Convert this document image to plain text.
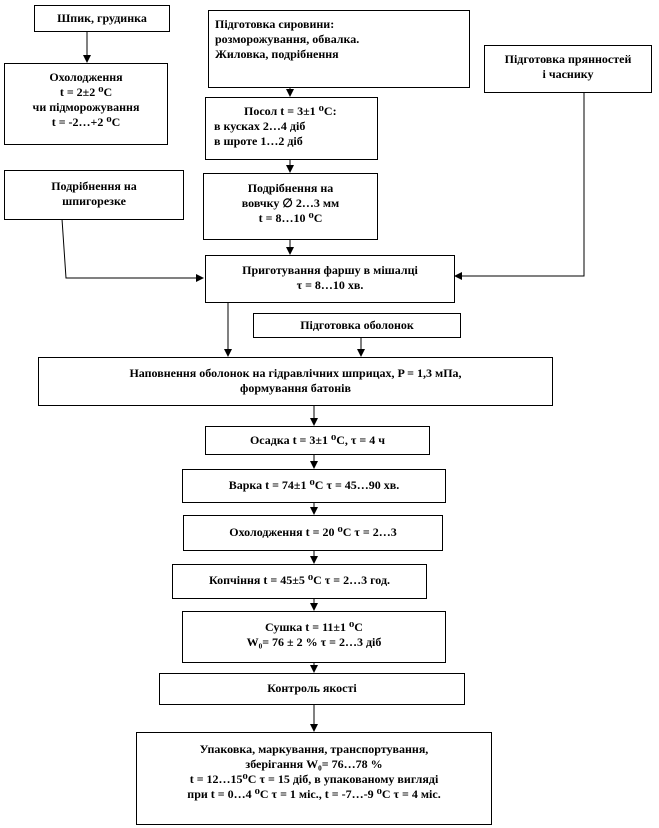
Шпик, грудинка
Охолодження
t = 2±2 ⁰C
чи підморожування
t = -2…+2 ⁰C
Підготовка сировини:
розморожування, обвалка.
Жиловка, подрібнення	Підготовка прянностей
і часнику
Посол t = 3±1 ⁰C:
в кусках 2…4 діб
в шроте 1…2 діб
Подрібнення на
шпигорезке
Подрібнення на
вовчку ∅ 2…3 мм
t = 8…10 ⁰C
Приготування фаршу в мішалці
τ = 8…10 хв.
Підготовка оболонок
Наповнення оболонок на гідравлічних шприцах, P = 1,3 мПа,
формування батонів
Осадка t = 3±1 ⁰C, τ = 4 ч
Варка t = 74±1 ⁰C τ = 45…90 хв.
Охолодження t = 20 ⁰C τ = 2…3
Копчіння t = 45±5 ⁰C τ = 2…3 год.
Сушка t = 11±1 ⁰C
W₀= 76 ± 2 % τ = 2…3 діб
Контроль якості
Упаковка, маркування, транспортування,
зберігання W₀= 76…78 %
t = 12…15⁰C τ = 15 діб, в упакованому вигляді
при t = 0…4 ⁰C τ = 1 міс., t = -7…-9 ⁰C τ = 4 міс.
